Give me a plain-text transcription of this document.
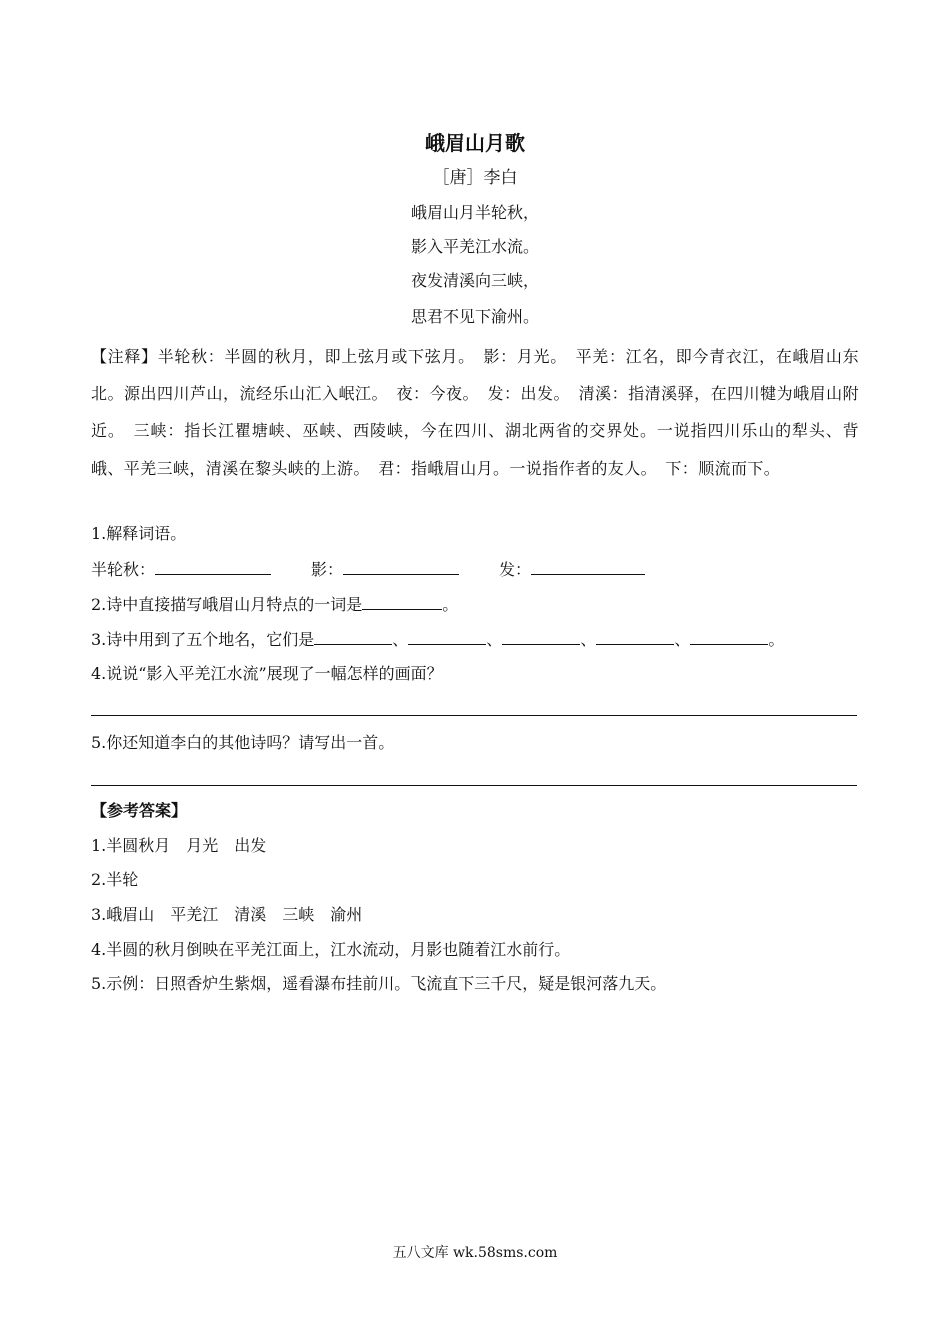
峨眉山月歌
［唐］李白
峨眉山月半轮秋，
影入平羌江水流。
夜发清溪向三峡，
思君不见下渝州。
【注释】半轮秋：半圆的秋月，即上弦月或下弦月。　影：月光。　平羌：江名，即今青衣江，在峨眉山东北。源出四川芦山，流经乐山汇入岷江。　夜：今夜。　发：出发。　清溪：指清溪驿，在四川犍为峨眉山附近。　三峡：指长江瞿塘峡、巫峡、西陵峡，今在四川、湖北两省的交界处。一说指四川乐山的犁头、背峨、平羌三峡，清溪在黎头峡的上游。　君：指峨眉山月。一说指作者的友人。　下：顺流而下。
1.解释词语。
半轮秋：	影：	发：
2.诗中直接描写峨眉山月特点的一词是	。
3.诗中用到了五个地名，它们是	、	、	、	、	。
4.说说“影入平羌江水流”展现了一幅怎样的画面？
5.你还知道李白的其他诗吗？请写出一首。
【参考答案】
1.半圆秋月　月光　出发
2.半轮
3.峨眉山　平羌江　清溪　三峡　渝州
4.半圆的秋月倒映在平羌江面上，江水流动，月影也随着江水前行。
5.示例：日照香炉生紫烟，遥看瀑布挂前川。飞流直下三千尺，疑是银河落九天。
五八文库 wk.58sms.com
